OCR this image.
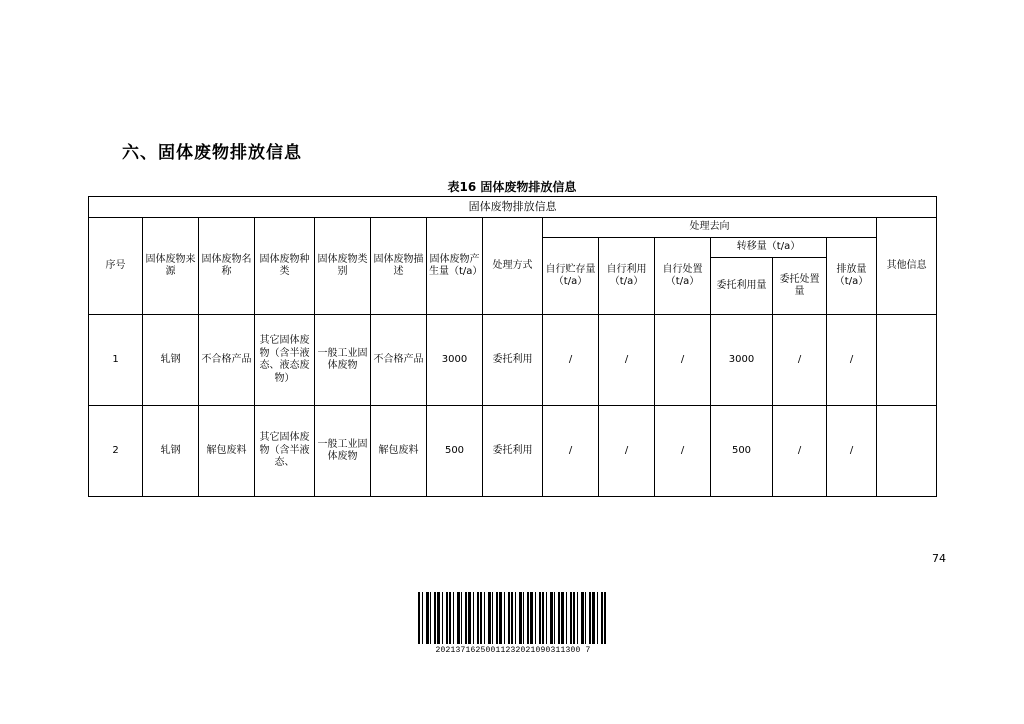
六、固体废物排放信息
表16 固体废物排放信息
固体废物排放信息														
序号	固体废物来源	固体废物名称	固体废物种类	固体废物类别	固体废物描述	固体废物产生量（t/a）	处理方式	处理去向						其他信息
								自行贮存量（t/a）	自行利用（t/a）	自行处置（t/a）	转移量（t/a）		排放量（t/a）	
											委托利用量	委托处置量		
1	轧钢	不合格产品	其它固体废物（含半液态、液态废物）	一般工业固体废物	不合格产品	3000	委托利用	/	/	/	3000	/	/	
2	轧钢	解包废料	其它固体废物（含半液态、	一般工业固体废物	解包废料	500	委托利用	/	/	/	500	/	/	
74
20213716250011232021090311300 7
